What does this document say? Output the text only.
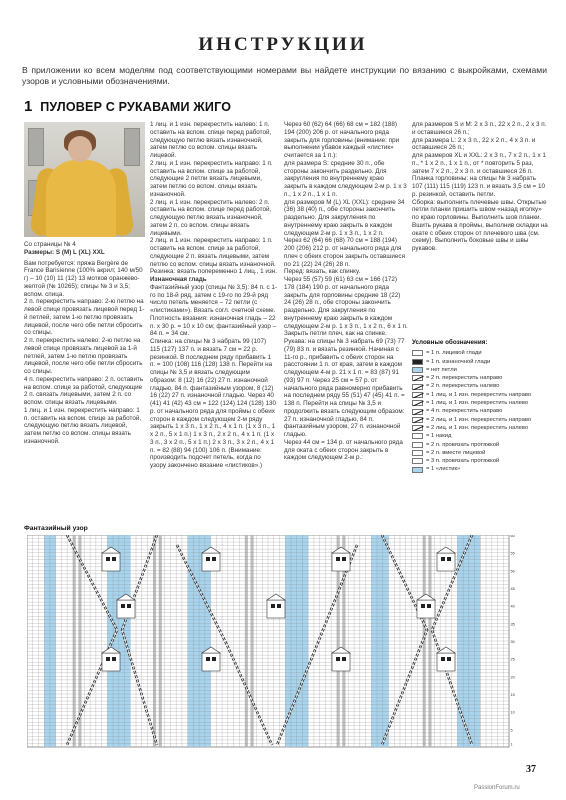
ИНСТРУКЦИИ
В приложении ко всем моделям под соответствующими номерами вы найдете инструкции по вязанию с выкройками, схемами узоров и условными обозначениями.
1 ПУЛОВЕР С РУКАВАМИ ЖИГО

Со страницы № 4

Размеры: S (M) L (XL) XXL

Вам потребуется: пряжа Bergère de France Barisienne (100% акрил; 140 м/50 г) – 10 (10) 11 (12) 13 мотков оранжево-желтой (№ 10265); спицы № 3 и 3,5; вспом. спица.

2 п. перекрестить направо: 2-ю петлю на левой спице провязать лицевой перед 1-й петлей, затем 1-ю петлю провязать лицевой, после чего обе петли сбросить со спицы.

2 п. перекрестить налево: 2-ю петлю на левой спице провязать лицевой за 1-й петлей, затем 1-ю петлю провязать лицевой, после чего обе петли сбросить со спицы.

4 п. перекрестить направо: 2 п. оставить на вспом. спице за работой, следующие 2 п. связать лицевыми, затем 2 п. со вспом. спицы вязать лицевыми.

1 лиц. и 1 изн. перекрестить направо: 1 п. оставить на вспом. спице за работой, следующую петлю вязать лицевой, затем петлю со вспом. спицы вязать изнаночной.

1 лиц. и 1 изн. перекрестить налево: 1 п. оставить на вспом. спице перед работой, следующую петлю вязать изнаночной, затем петлю со вспом. спицы вязать лицевой.

2 лиц. и 1 изн. перекрестить направо: 1 п. оставить на вспом. спице за работой, следующие 2 петли вязать лицевыми, затем петлю со вспом. спицы вязать изнаночной.

2 лиц. и 1 изн. перекрестить налево: 2 п. оставить на вспом. спице перед работой, следующую петлю вязать изнаночной, затем 2 п. со вспом. спицы вязать лицевыми.

2 лиц. и 1 изн. перекрестить направо: 1 п. оставить на вспом. спице за работой, следующие 2 п. вязать лицевыми, затем петлю со вспом. спицы вязать изнаночной.

Резинка: вязать попеременно 1 лиц., 1 изн.

Изнаночная гладь

Фантазийный узор (спицы № 3,5): 84 п. с 1-го по 18-й ряд, затем с 19-го по 29-й ряд число петель меняется – 72 петли (с «листиками»). Вязать согл. счетной схеме.

Плотность вязания: изнаночная гладь – 22 п. х 30 р. = 10 х 10 см; фантазийный узор – 84 п. = 34 см.

Спинка: на спицы № 3 набрать 99 (107) 115 (127) 137 п. и вязать 7 см = 22 р. резинкой. В последнем ряду прибавить 1 п. = 100 (108) 116 (128) 138 п. Перейти на спицы № 3,5 и вязать следующим образом: 8 (12) 16 (22) 27 п. изнаночной гладью, 84 п. фантазийным узором, 8 (12) 16 (22) 27 п. изнаночной гладью. Через 40 (41) 41 (42) 43 см = 122 (124) 124 (128) 130 р. от начального ряда для проймы с обеих сторон в каждом следующем 2-м ряду закрыть 1 х 3 п., 1 х 2 п., 4 х 1 п. (1 х 3 п., 1 х 2 п., 5 х 1 п.) 1 х 3 п., 2 х 2 п., 4 х 1 п. (1 х 3 п., 3 х 2 п., 5 х 1 п.) 2 х 3 п., 3 х 2 п., 4 х 1 п. = 82 (88) 94 (100) 106 п. (Внимание: производить подсчет петель, когда по узору закончено вязание «листиков».)

Через 60 (62) 64 (66) 68 см = 182 (188) 194 (200) 206 р. от начального ряда закрыть для горловины (внимание: при выполнении убавок каждый «листик» считается за 1 п.):

для размера S: средние 30 п., обе стороны закончить раздельно. Для закругления по внутреннему краю закрыть в каждом следующем 2-м р. 1 х 3 п., 1 х 2 п., 1 х 1 п.

для размеров M (L) XL (XXL): средние 34 (36) 38 (40) п., обе стороны закончить раздельно. Для закругления по внутреннему краю закрыть в каждом следующем 2-м р. 1 х 3 п., 1 х 2 п.

Через 62 (64) 66 (68) 70 см = 188 (194) 200 (206) 212 р. от начального ряда для плеч с обеих сторон закрыть оставшиеся по 21 (22) 24 (26) 28 п.

Перед: вязать, как спинку.

Через 55 (57) 59 (61) 63 см = 166 (172) 178 (184) 190 р. от начального ряда закрыть для горловины средние 18 (22) 24 (26) 28 п., обе стороны закончить раздельно. Для закругления по внутреннему краю закрыть в каждом следующем 2-м р. 1 х 3 п., 1 х 2 п., 6 х 1 п. Закрыть петли плеч, как на спинке.

Рукава: на спицы № 3 набрать 69 (73) 77 (79) 83 п. и вязать резинкой. Начиная с 11-го р., прибавить с обеих сторон на расстоянии 1 п. от края, затем в каждом следующем 4-м р. 21 х 1 п. = 83 (87) 91 (93) 97 п. Через 25 см = 57 р. от начального ряда равномерно прибавить на последнем ряду 55 (51) 47 (45) 41 п. = 138 п. Перейти на спицы № 3,5 и продолжить вязать следующим образом: 27 п. изнаночной гладью, 84 п. фантазийным узором, 27 п. изнаночной гладью.

Через 44 см = 134 р. от начального ряда для оката с обеих сторон закрыть в каждом следующем 2-м р.:

для размеров S и M: 2 х 3 п., 22 х 2 п., 2 х 3 п. и оставшиеся 26 п.;

для размера L: 2 х 3 п., 22 х 2 п., 4 х 3 п. и оставшиеся 26 п.;

для размеров XL и XXL: 2 х 3 п., 7 х 2 п., 1 х 1 п., * 1 х 2 п., 1 х 1 п., от * повторить 5 раз, затем 7 х 2 п., 2 х 3 п. и оставшиеся 26 п.

Планка горловины: на спицы № 3 набрать 107 (111) 115 (119) 123 п. и вязать 3,5 см = 10 р. резинкой, оставить петли.

Сборка: выполнить плечевые швы. Открытые петли планки пришить швом «назад иголку» по краю горловины. Выполнить шов планки.

Вшить рукава в проймы, выполнив складки на окате с обеих сторон от плечевого шва (см. схему). Выполнить боковые швы и швы рукавов.

Условные обозначения:
= 1 п. лицевой глади
= 1 п. изнаночной глади
= нет петли
= 2 п. перекрестить направо
= 2 п. перекрестить налево
= 1 лиц. и 1 изн. перекрестить направо
= 1 лиц. и 1 изн. перекрестить налево
= 4 п. перекрестить направо
= 2 лиц. и 1 изн. перекрестить направо
= 2 лиц. и 1 изн. перекрестить налево
= 1 накид
= 2 п. провязать протяжкой
= 2 п. вместе лицевой
= 3 п. провязать протяжкой
= 1 «листик»
Фантазийный узор
60
55
50
45
40
35
30
25
20
15
10
5
1
37
PassionForum.ru
